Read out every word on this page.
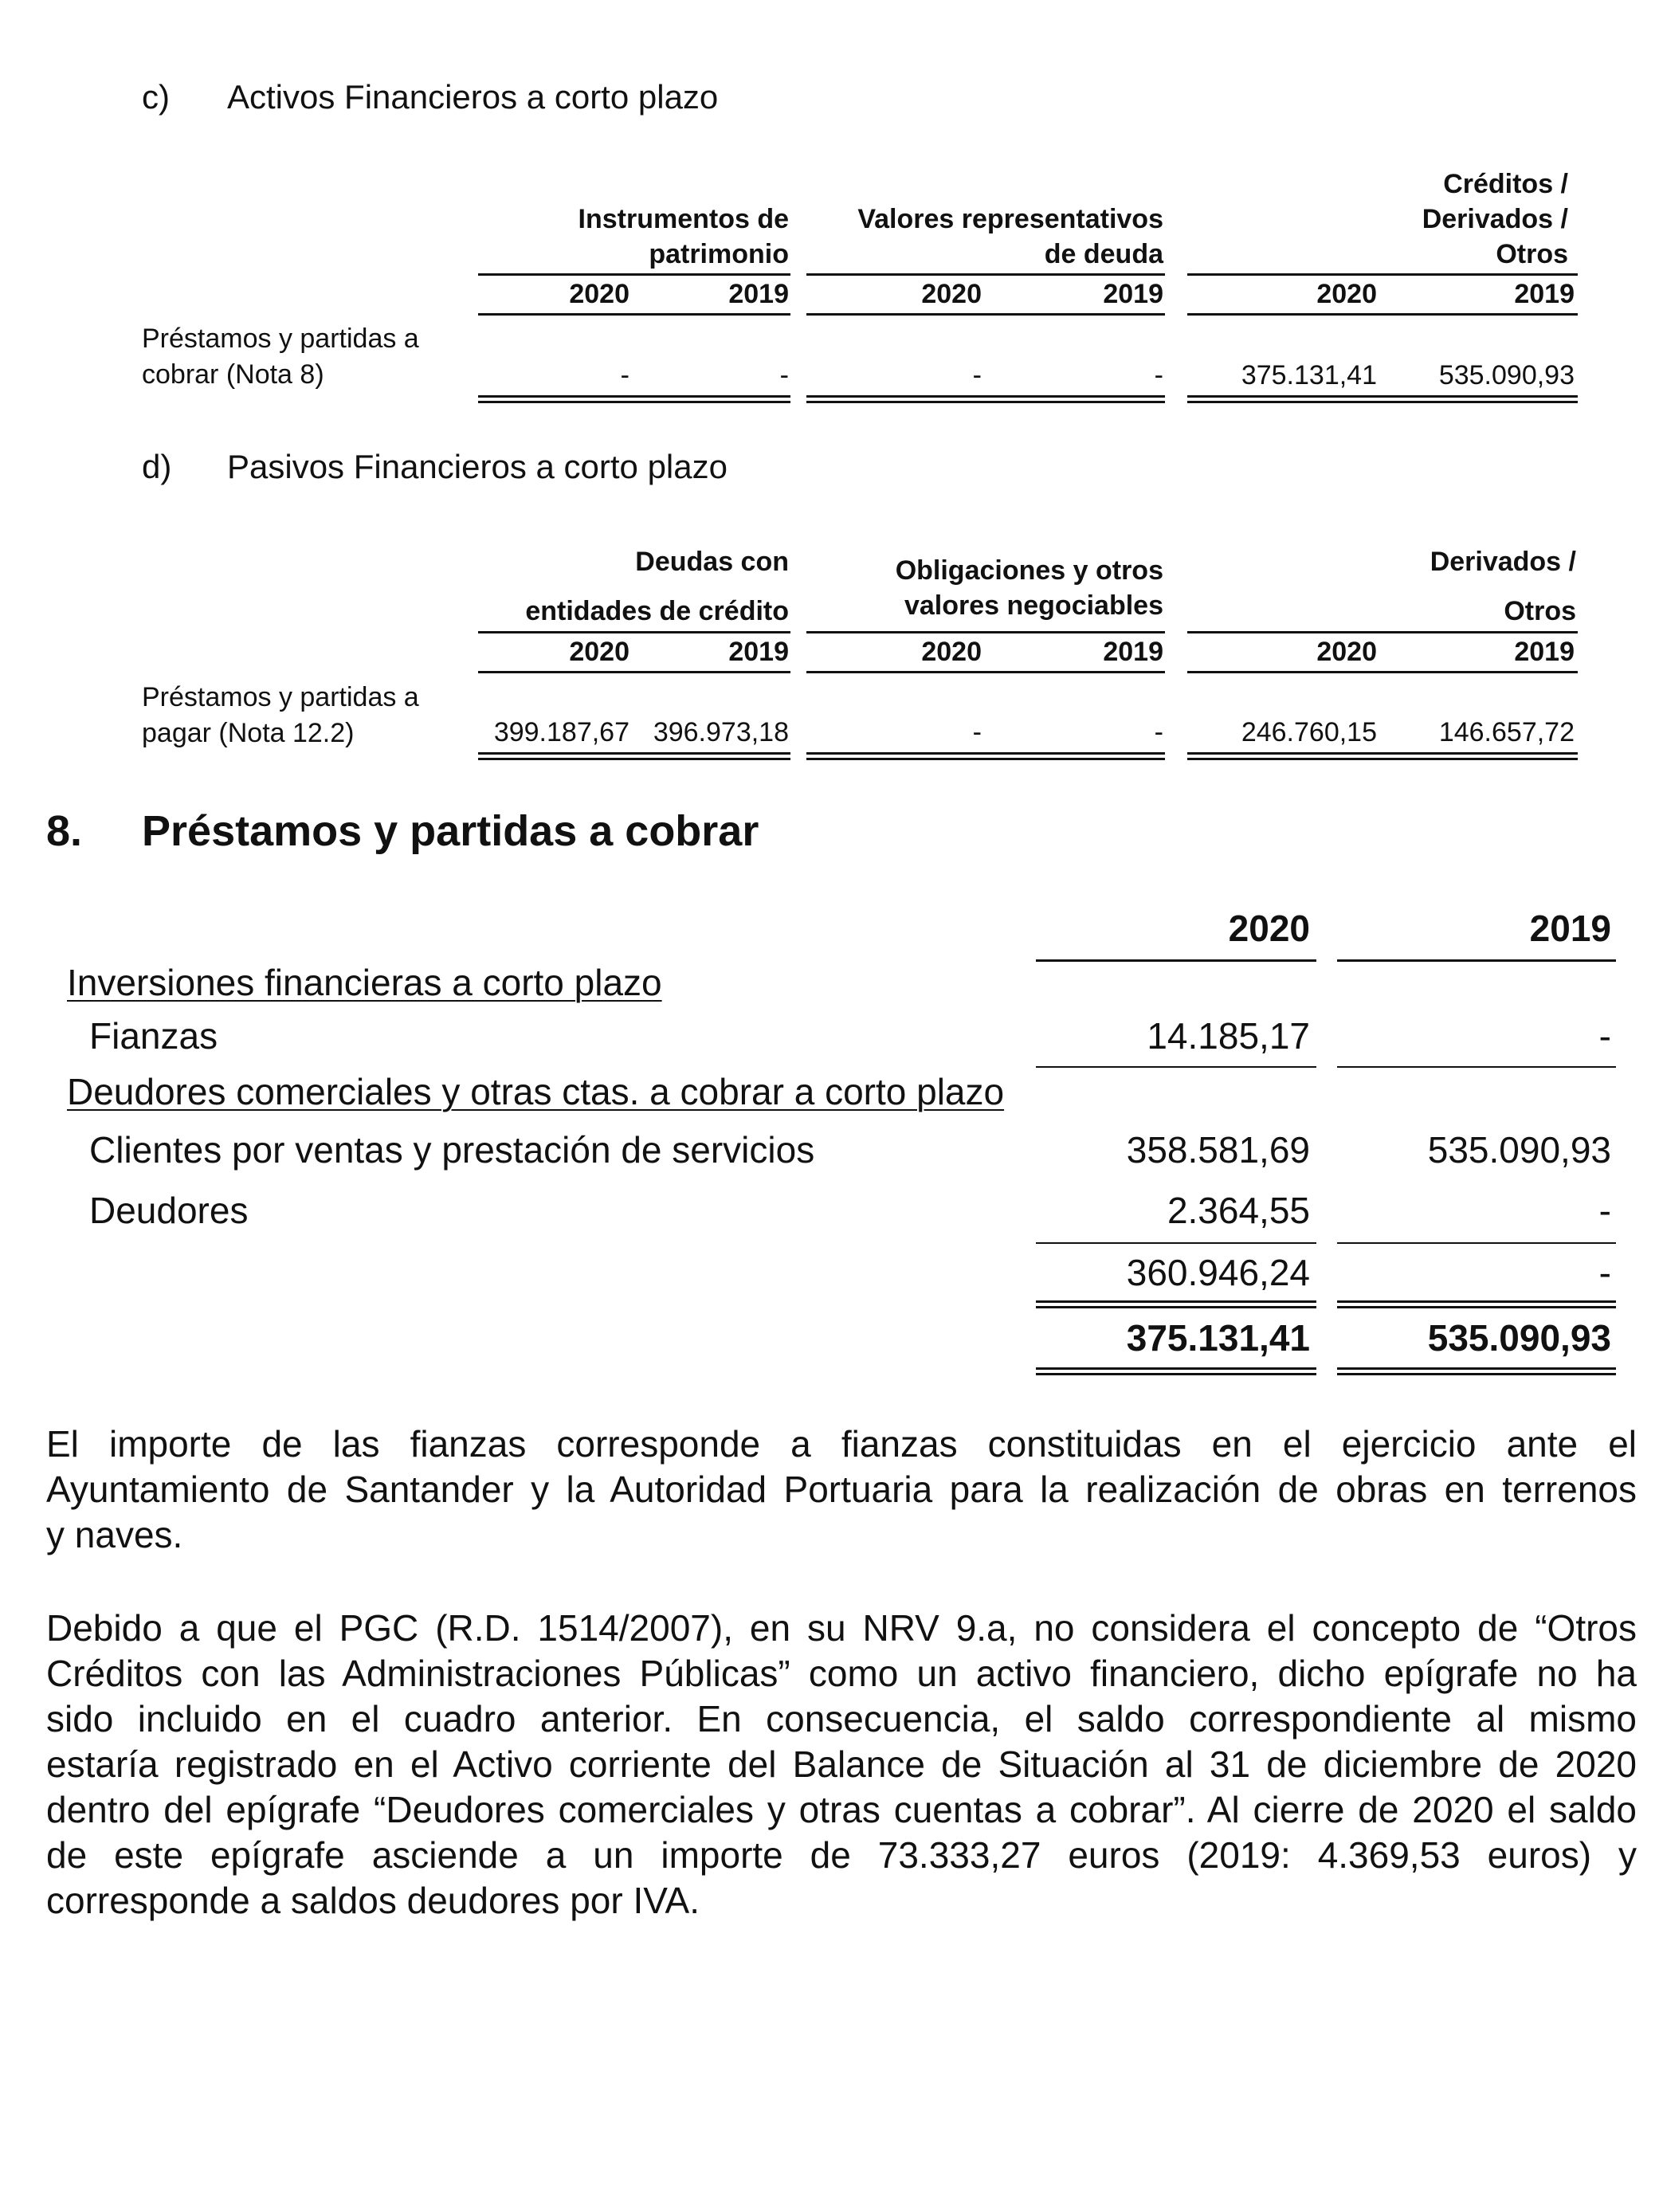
c) Activos Financieros a corto plazo
Instrumentos de
patrimonio
Valores representativos
de deuda
Créditos /
Derivados /
Otros
2020	2019	2020	2019	2020	2019
Préstamos y partidas a
cobrar (Nota 8)	-	-	-	-	375.131,41	535.090,93
d) Pasivos Financieros a corto plazo
Deudas con
entidades de crédito
Obligaciones y otros
valores negociables
Derivados /
Otros
2020	2019	2020	2019	2020	2019
Préstamos y partidas a
pagar (Nota 12.2)	399.187,67 396.973,18	-	-	246.760,15	146.657,72
8. Préstamos y partidas a cobrar
2020	2019
Inversiones financieras a corto plazo
Fianzas	14.185,17	-
Deudores comerciales y otras ctas. a cobrar a corto plazo
Clientes por ventas y prestación de servicios	358.581,69	535.090,93
Deudores	2.364,55	-
360.946,24	-
375.131,41	535.090,93
El importe de las fianzas corresponde a fianzas constituidas en el ejercicio ante el
Ayuntamiento de Santander y la Autoridad Portuaria para la realización de obras en terrenos
y naves.
Debido a que el PGC (R.D. 1514/2007), en su NRV 9.a, no considera el concepto de “Otros
Créditos con las Administraciones Públicas” como un activo financiero, dicho epígrafe no ha
sido incluido en el cuadro anterior. En consecuencia, el saldo correspondiente al mismo
estaría registrado en el Activo corriente del Balance de Situación al 31 de diciembre de 2020
dentro del epígrafe “Deudores comerciales y otras cuentas a cobrar”. Al cierre de 2020 el saldo
de este epígrafe asciende a un importe de 73.333,27 euros (2019: 4.369,53 euros) y
corresponde a saldos deudores por IVA.
